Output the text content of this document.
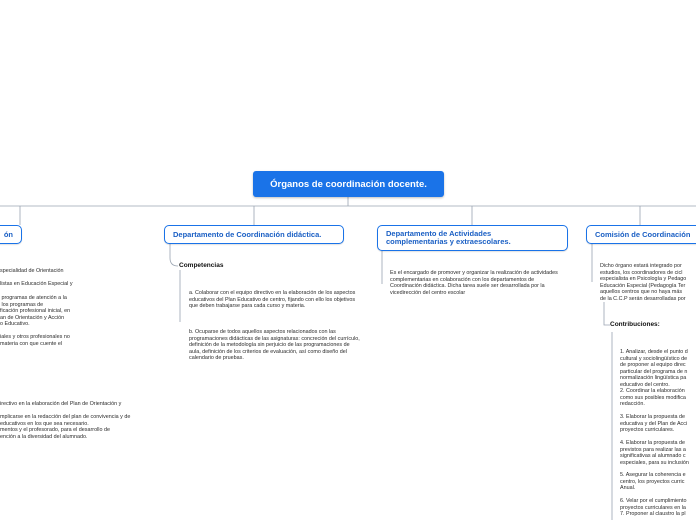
Órganos de coordinación docente.
ón	Departamento de Coordinación didáctica.	Departamento de Actividades complementarias y extraescolares.
Comisión de Coordinación
specialidad de Orientación
listas en Educación Especial y
programas de atención a la
los programas de
ficación profesional inicial, en
an de Orientación y Acción
o Educativo.
iales y otros profesionales no
materia con que cuente el
irectivo en la elaboración del Plan de Orientación y
mplicarse en la redacción del plan de convivencia y de
educativos en los que sea necesario.
mentos y el profesorado, para el desarrollo de
ención a la diversidad del alumnado.
Competencias
a. Colaborar con el equipo directivo en la elaboración de los aspectos educativos del Plan Educativo de centro, fijando con ello los objetivos que deben trabajarse para cada curso y materia.
b. Ocuparse de todos aquellos aspectos relacionados con las programaciones didácticas de las asignaturas: concreción del currículo, definición de la metodología sin perjuicio de las programaciones de aula, definición de los criterios de evaluación, así como diseño del calendario de pruebas.
Es el encargado de promover y organizar la realización de actividades complementarias en colaboración con los departamentos de Coordinación didáctica. Dicha tarea suele ser desarrollada por la vicedirección del centro escolar
Dicho órgano estará integrado por
estudios, los coordinadores de cicl
especialista en Psicología y Pedago
Educación Especial (Pedagogía Ter
aquellos centros que no haya más
de la C.C.P serán desarrolladas por
Contribuciones:
1. Analizar, desde el punto d
cultural y sociolingüístico de
de proponer al equipo direc
particular del programa de n
normalización lingüística pa
educativo del centro.
2. Coordinar la elaboración
como sus posibles modifica
redacción.
3. Elaborar la propuesta de
educativa y del Plan de Acci
proyectos curriculares.
4. Elaborar la propuesta de
previstos para realizar las a
significativas al alumnado c
especiales, para su inclusión
5. Asegurar la coherencia e
centro, los proyectos curric
Anual.
6. Velar por el cumplimiento
proyectos curriculares en la
7. Proponer al claustro la pl
